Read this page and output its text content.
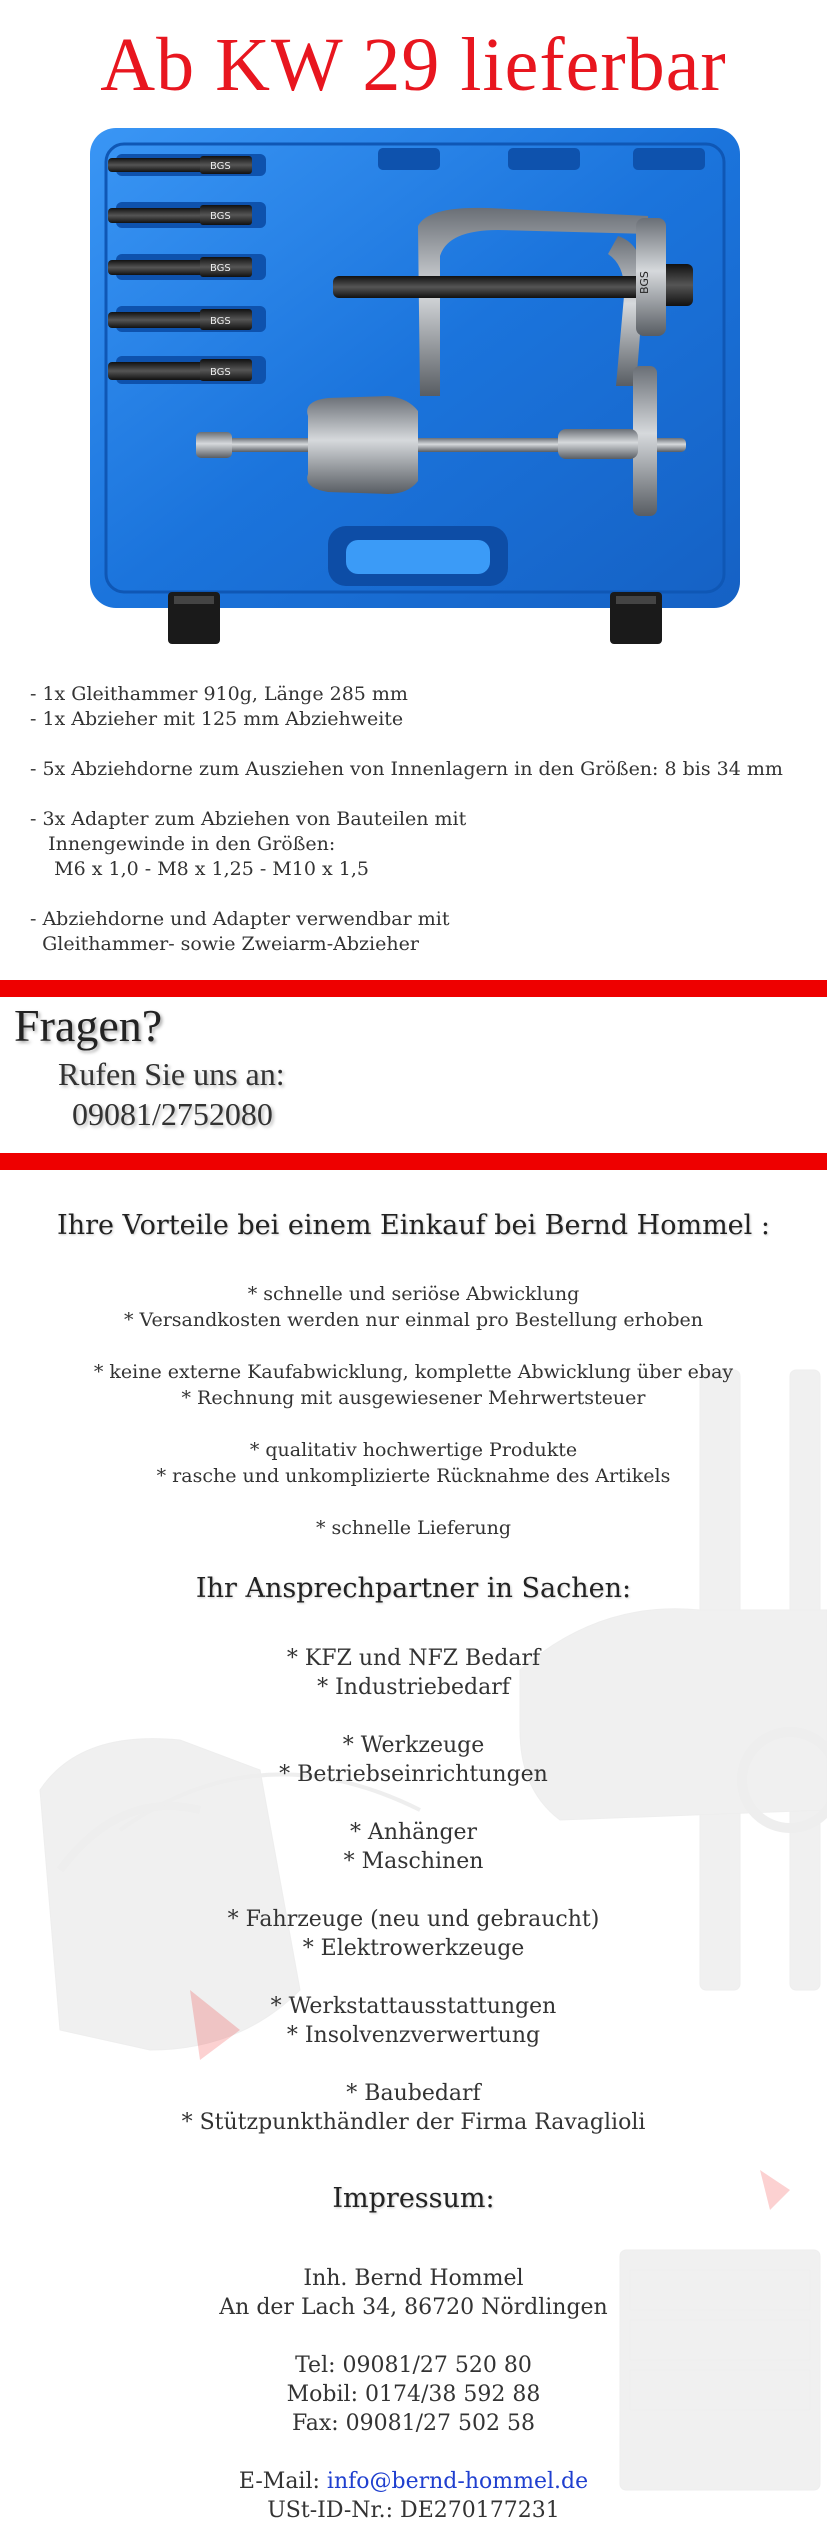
Ab KW 29 lieferbar
BGS
BGS
BGS
BGS
BGS
BGS
- 1x Gleithammer 910g, Länge 285 mm
- 1x Abzieher mit 125 mm Abziehweite
- 5x Abziehdorne zum Ausziehen von Innenlagern in den Größen: 8 bis 34 mm
- 3x Adapter zum Abziehen von Bauteilen mit
Innengewinde in den Größen:
M6 x 1,0 - M8 x 1,25 - M10 x 1,5
- Abziehdorne und Adapter verwendbar mit
Gleithammer- sowie Zweiarm-Abzieher
Fragen?
Rufen Sie uns an:
09081/2752080
Ihre Vorteile bei einem Einkauf bei Bernd Hommel :
* schnelle und seriöse Abwicklung
* Versandkosten werden nur einmal pro Bestellung erhoben
* keine externe Kaufabwicklung, komplette Abwicklung über ebay
* Rechnung mit ausgewiesener Mehrwertsteuer
* qualitativ hochwertige Produkte
* rasche und unkomplizierte Rücknahme des Artikels
* schnelle Lieferung
Ihr Ansprechpartner in Sachen:
* KFZ und NFZ Bedarf
* Industriebedarf
* Werkzeuge
* Betriebseinrichtungen
* Anhänger
* Maschinen
* Fahrzeuge (neu und gebraucht)
* Elektrowerkzeuge
* Werkstattausstattungen
* Insolvenzverwertung
* Baubedarf
* Stützpunkthändler der Firma Ravaglioli
Impressum:
Inh. Bernd Hommel
An der Lach 34, 86720 Nördlingen
Tel: 09081/27 520 80
Mobil: 0174/38 592 88
Fax: 09081/27 502 58
E-Mail: info@bernd-hommel.de
USt-ID-Nr.: DE270177231
